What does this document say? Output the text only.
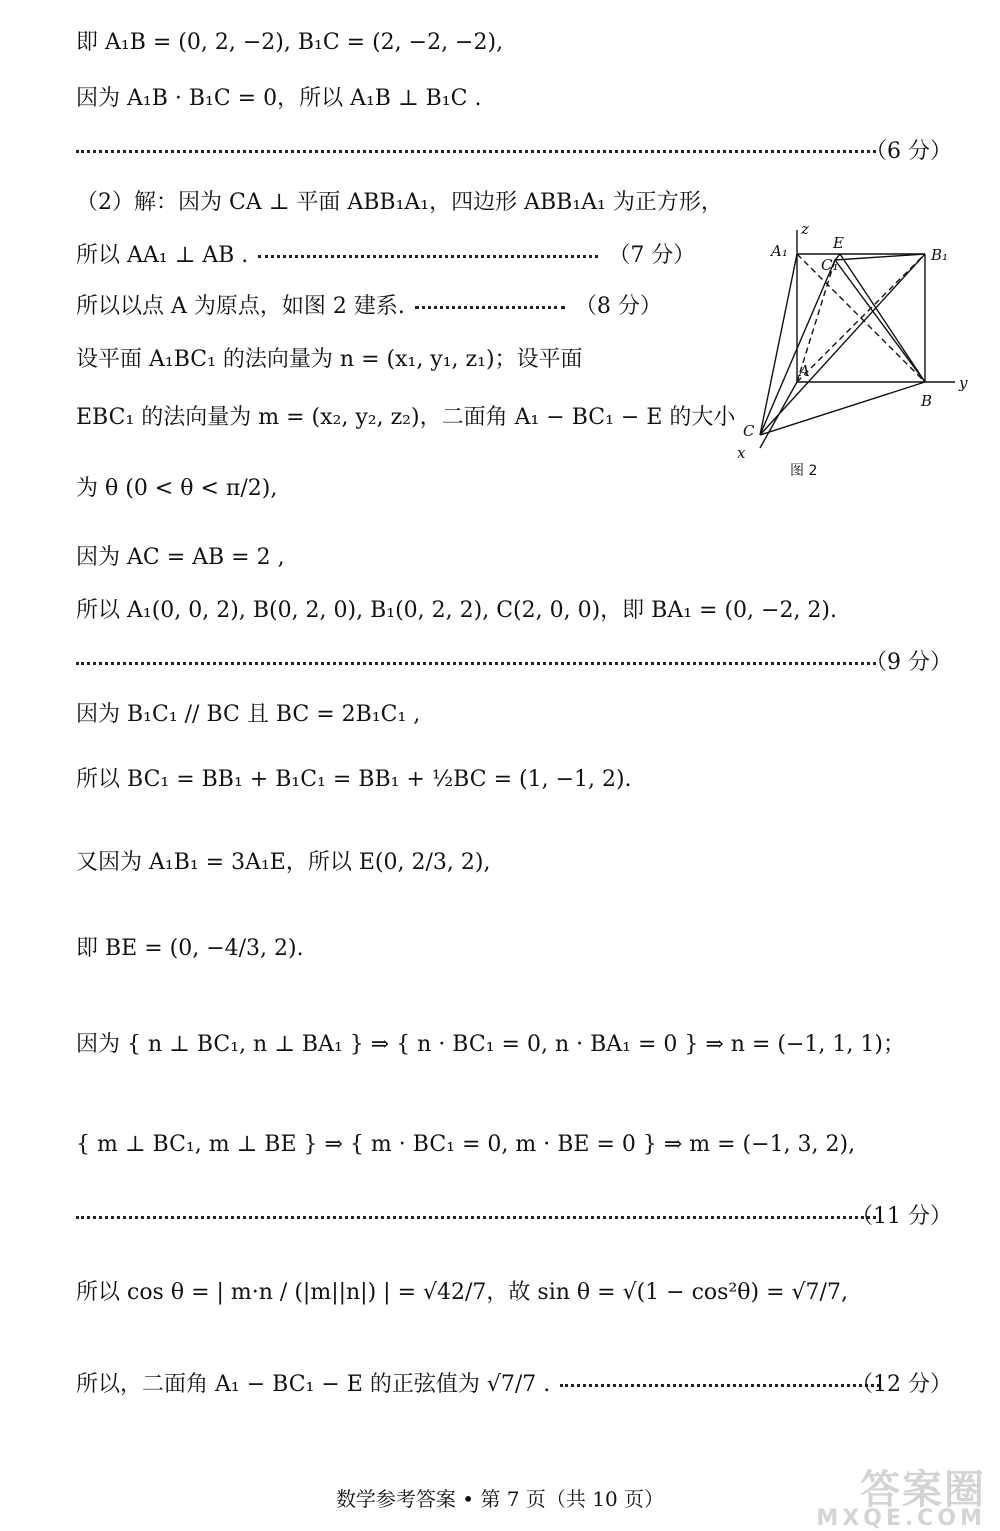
即 A₁B = (0, 2, −2), B₁C = (2, −2, −2),
因为 A₁B · B₁C = 0，所以 A₁B ⊥ B₁C .
（6 分）
（2）解：因为 CA ⊥ 平面 ABB₁A₁，四边形 ABB₁A₁ 为正方形，
所以 AA₁ ⊥ AB .	（7 分）
所以以点 A 为原点，如图 2 建系.	（8 分）
设平面 A₁BC₁ 的法向量为 n = (x₁, y₁, z₁)；设平面
EBC₁ 的法向量为 m = (x₂, y₂, z₂)，二面角 A₁ − BC₁ − E 的大小
为 θ (0 < θ < π/2),
因为 AC = AB = 2 ,
所以 A₁(0, 0, 2), B(0, 2, 0), B₁(0, 2, 2), C(2, 0, 0)，即 BA₁ = (0, −2, 2).
（9 分）
因为 B₁C₁ // BC 且 BC = 2B₁C₁ ,
所以 BC₁ = BB₁ + B₁C₁ = BB₁ + ½BC = (1, −1, 2).
又因为 A₁B₁ = 3A₁E，所以 E(0, 2/3, 2),
即 BE = (0, −4/3, 2).
因为 { n ⊥ BC₁, n ⊥ BA₁ } ⇒ { n · BC₁ = 0, n · BA₁ = 0 } ⇒ n = (−1, 1, 1)；
{ m ⊥ BC₁, m ⊥ BE } ⇒ { m · BC₁ = 0, m · BE = 0 } ⇒ m = (−1, 3, 2),
（11 分）
所以 cos θ = | m·n / (|m||n|) | = √42/7，故 sin θ = √(1 − cos²θ) = √7/7,
所以，二面角 A₁ − BC₁ − E 的正弦值为 √7/7 .	（12 分）
z
y
x
A₁	E
C₁
B₁
A
B
C
图 2
数学参考答案 • 第 7 页（共 10 页）	答案圈
MXQE.COM
